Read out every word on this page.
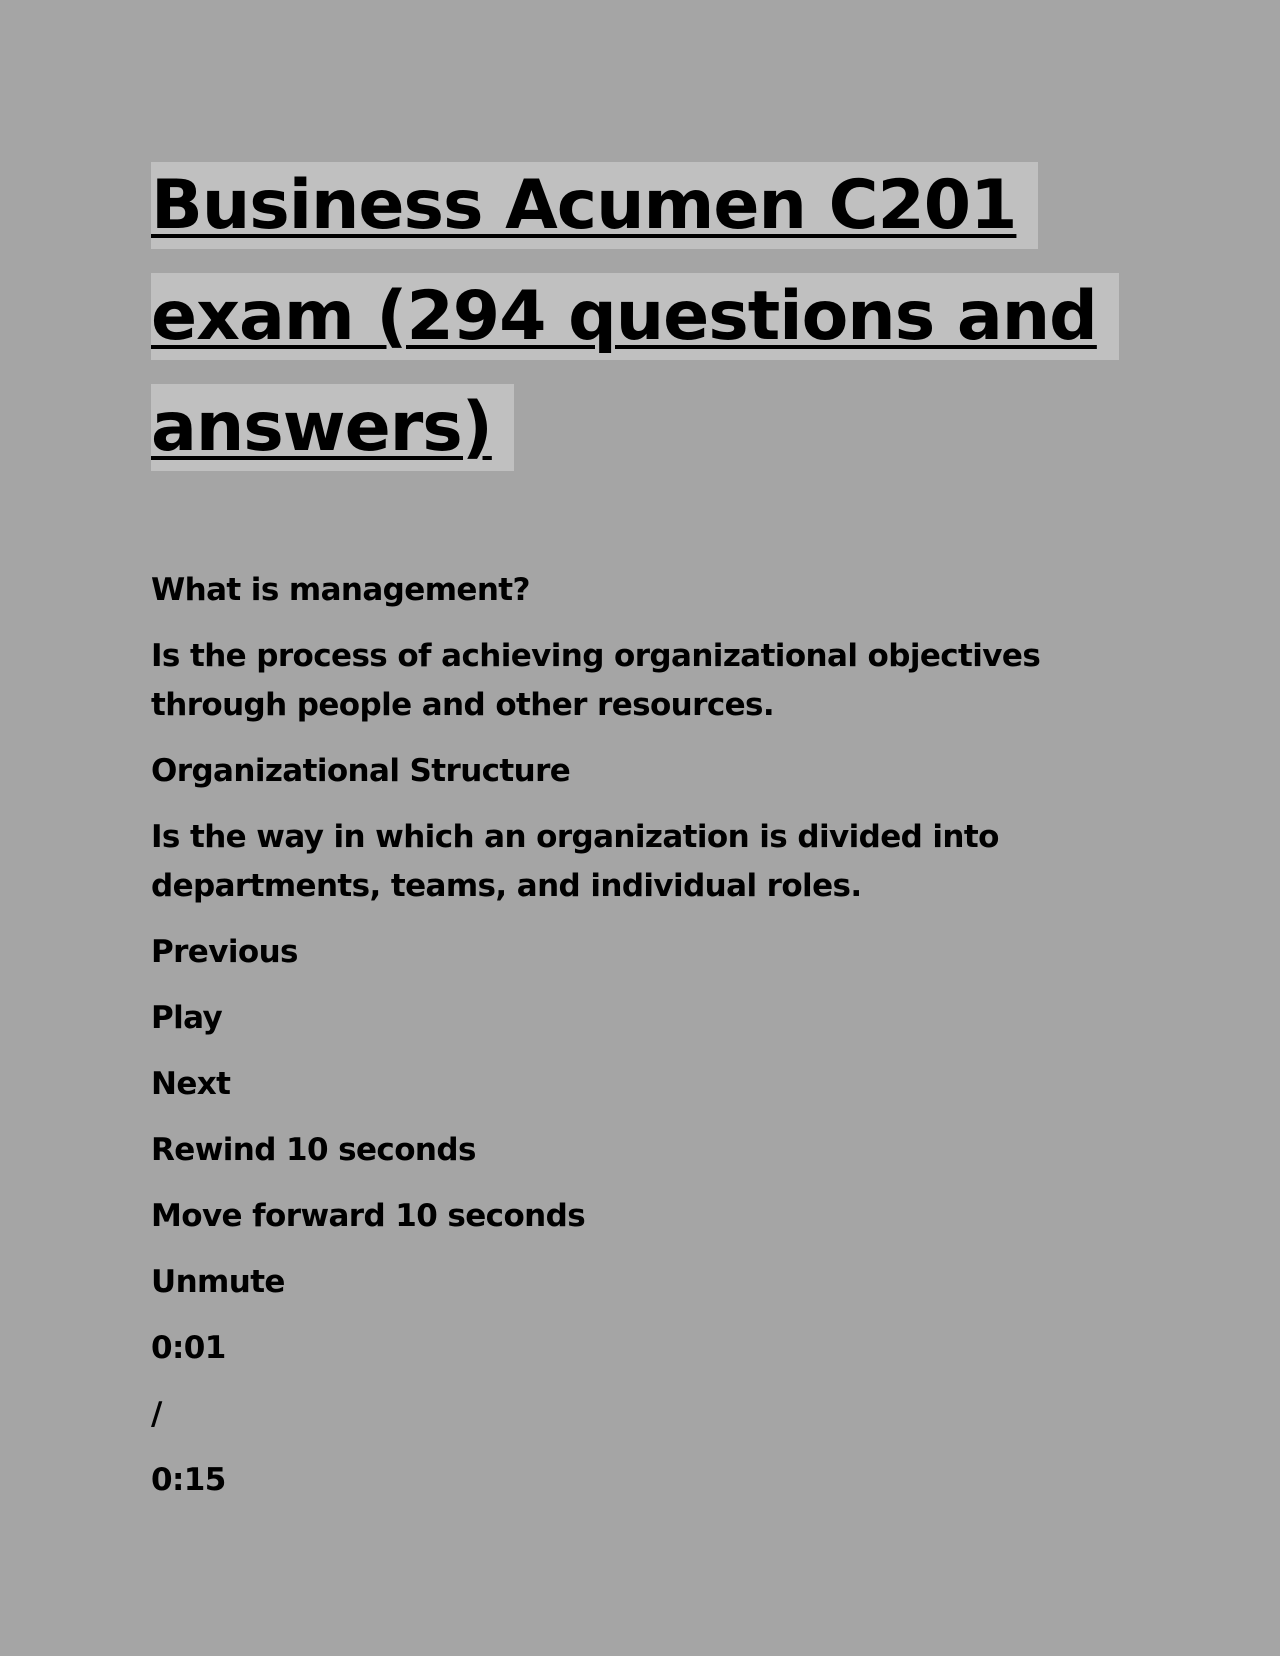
Business Acumen C201 exam (294 questions and answers)
What is management?
Is the process of achieving organizational objectives through people and other resources.
Organizational Structure
Is the way in which an organization is divided into departments, teams, and individual roles.
Previous
Play
Next
Rewind 10 seconds
Move forward 10 seconds
Unmute
0:01
/
0:15
